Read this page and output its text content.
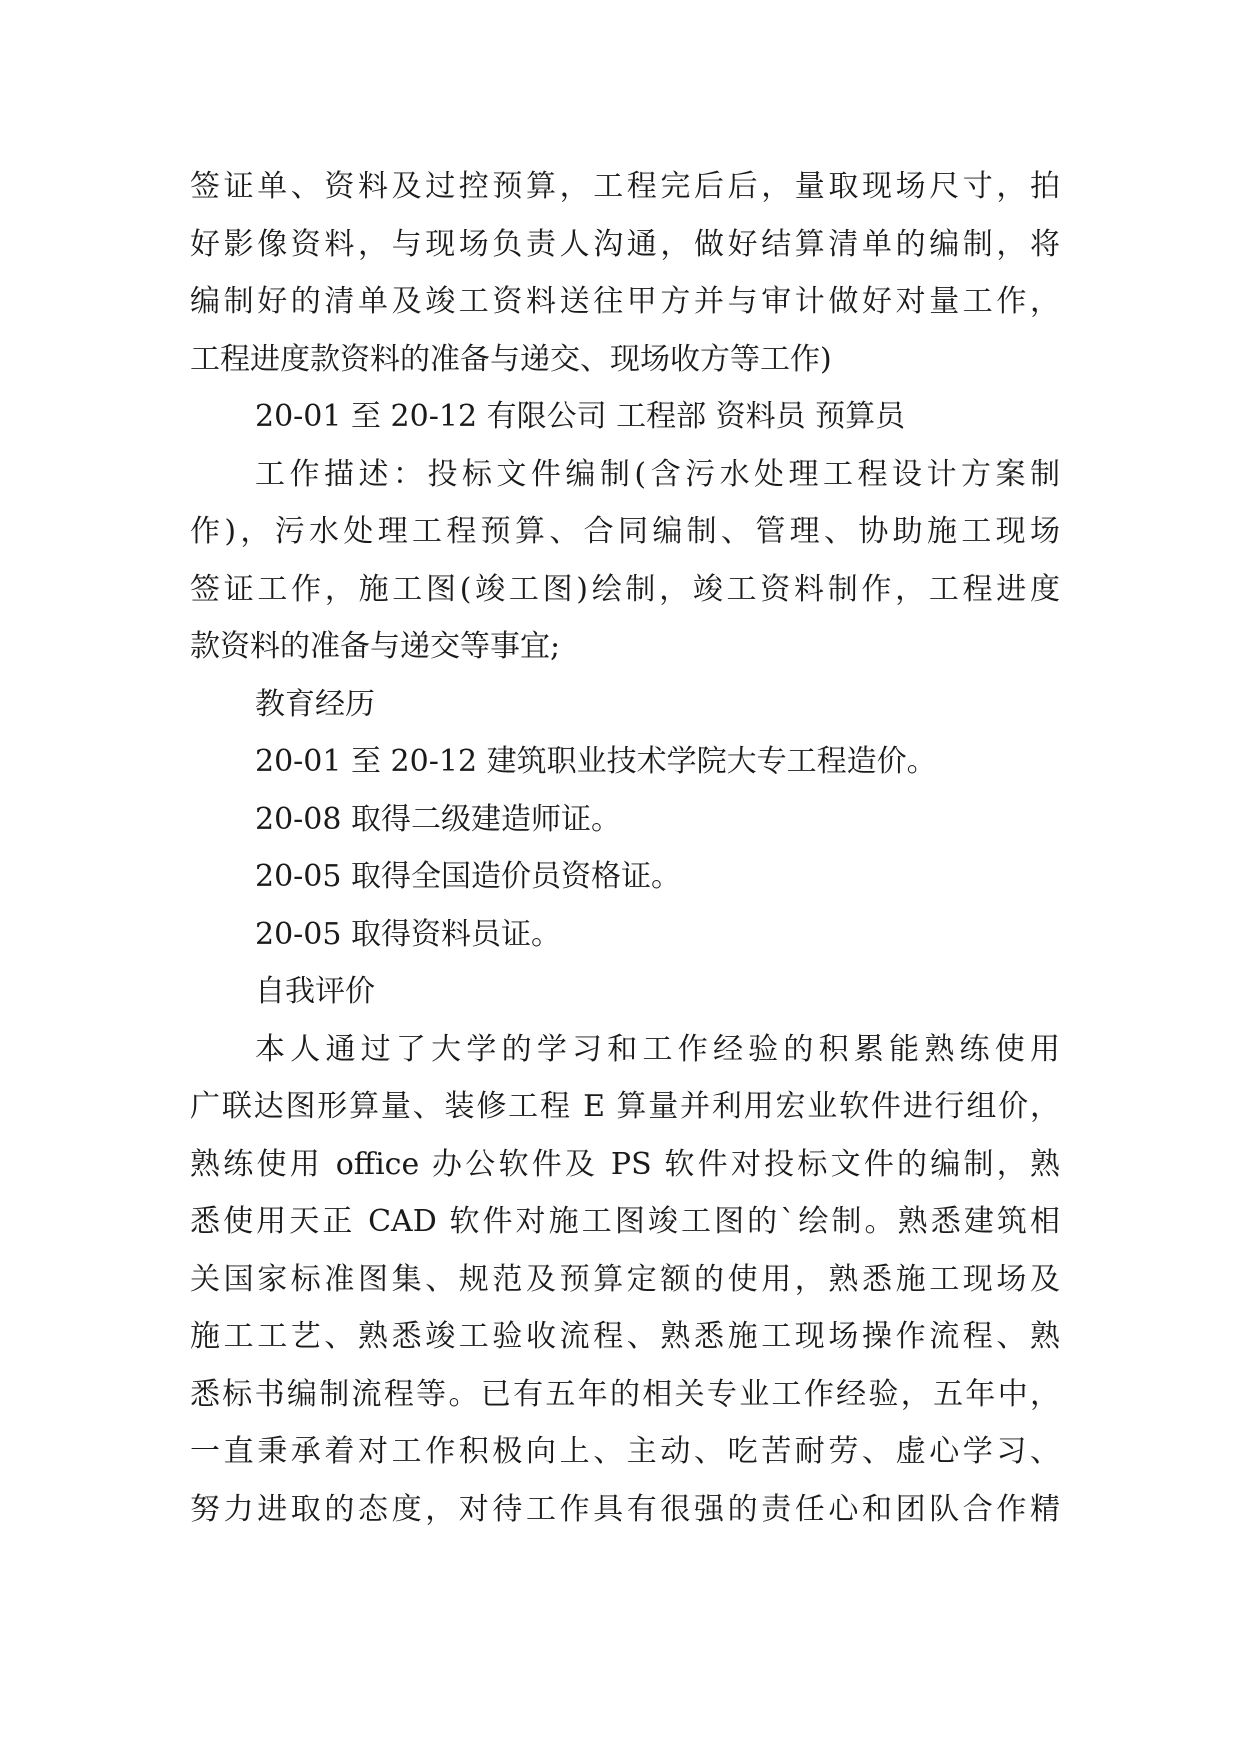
签证单、资料及过控预算，工程完后后，量取现场尺寸，拍
好影像资料，与现场负责人沟通，做好结算清单的编制，将
编制好的清单及竣工资料送往甲方并与审计做好对量工作，
工程进度款资料的准备与递交、现场收方等工作)
20-01 至 20-12 有限公司 工程部 资料员 预算员
工作描述：投标文件编制(含污水处理工程设计方案制
作)，污水处理工程预算、合同编制、管理、协助施工现场
签证工作，施工图(竣工图)绘制，竣工资料制作，工程进度
款资料的准备与递交等事宜;
教育经历
20-01 至 20-12 建筑职业技术学院大专工程造价。
20-08 取得二级建造师证。
20-05 取得全国造价员资格证。
20-05 取得资料员证。
自我评价
本人通过了大学的学习和工作经验的积累能熟练使用
广联达图形算量、装修工程 E 算量并利用宏业软件进行组价，
熟练使用 office 办公软件及 PS 软件对投标文件的编制，熟
悉使用天正 CAD 软件对施工图竣工图的`绘制。熟悉建筑相
关国家标准图集、规范及预算定额的使用，熟悉施工现场及
施工工艺、熟悉竣工验收流程、熟悉施工现场操作流程、熟
悉标书编制流程等。已有五年的相关专业工作经验，五年中，
一直秉承着对工作积极向上、主动、吃苦耐劳、虚心学习、
努力进取的态度，对待工作具有很强的责任心和团队合作精
